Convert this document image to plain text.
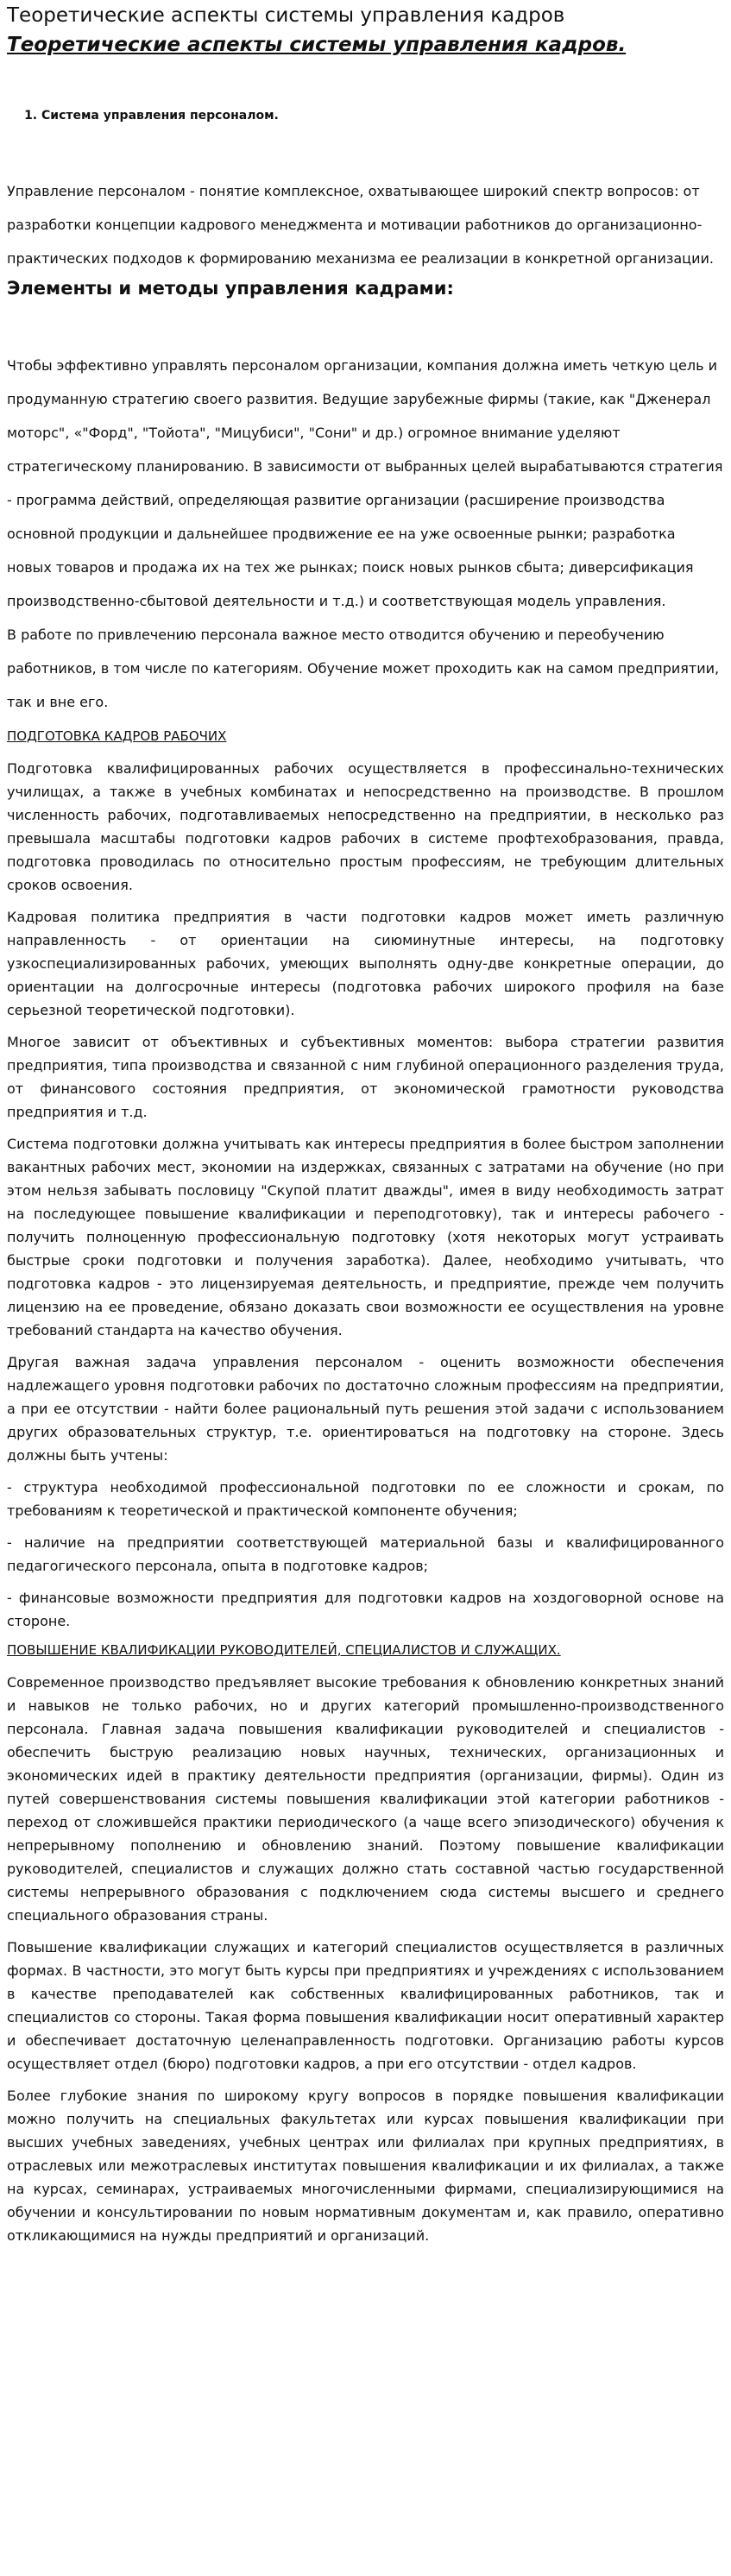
Теоретические аспекты системы управления кадров
Теоретические аспекты системы управления кадров.
1. Система управления персоналом.

Управление персоналом - понятие комплексное, охватывающее широкий спектр вопросов: от разработки концепции кадрового менеджмента и мотивации работников до организационно-практических подходов к формированию механизма ее реализации в конкретной организации.

Элементы и методы управления кадрами:

Чтобы эффективно управлять персоналом организации, компания должна иметь четкую цель и продуманную стратегию своего развития. Ведущие зарубежные фирмы (такие, как "Дженерал моторс", «"Форд", "Тойота", "Мицубиси", "Сони" и др.) огромное внимание уделяют стратегическому планированию. В зависимости от выбранных целей вырабатываются стратегия - программа действий, определяющая развитие организации (расширение производства основной продукции и дальнейшее продвижение ее на уже освоенные рынки; разработка новых товаров и продажа их на тех же рынках; поиск новых рынков сбыта; диверсификация производственно-сбытовой деятельности и т.д.) и соответствующая модель управления.

В работе по привлечению персонала важное место отводится обучению и переобучению работников, в том числе по категориям. Обучение может проходить как на самом предприятии, так и вне его.

ПОДГОТОВКА КАДРОВ РАБОЧИХ

Подготовка квалифицированных рабочих осуществляется в профессинально-технических училищах, а также в учебных комбинатах и непосредственно на производстве. В прошлом численность рабочих, подготавливаемых непосредственно на предприятии, в несколько раз превышала масштабы подготовки кадров рабочих в системе профтехобразования, правда, подготовка проводилась по относительно простым профессиям, не требующим длительных сроков освоения.

Кадровая политика предприятия в части подготовки кадров может иметь различную направленность - от ориентации на сиюминутные интересы, на подготовку узкоспециализированных рабочих, умеющих выполнять одну-две конкретные операции, до ориентации на долгосрочные интересы (подготовка рабочих широкого профиля на базе серьезной теоретической подготовки).

Многое зависит от объективных и субъективных моментов: выбора стратегии развития предприятия, типа производства и связанной с ним глубиной операционного разделения труда, от финансового состояния предприятия, от экономической грамотности руководства предприятия и т.д.

Система подготовки должна учитывать как интересы предприятия в более быстром заполнении вакантных рабочих мест, экономии на издержках, связанных с затратами на обучение (но при этом нельзя забывать пословицу "Скупой платит дважды", имея в виду необходимость затрат на последующее повышение квалификации и переподготовку), так и интересы рабочего - получить полноценную профессиональную подготовку (хотя некоторых могут устраивать быстрые сроки подготовки и получения заработка). Далее, необходимо учитывать, что подготовка кадров - это лицензируемая деятельность, и предприятие, прежде чем получить лицензию на ее проведение, обязано доказать свои возможности ее осуществления на уровне требований стандарта на качество обучения.

Другая важная задача управления персоналом - оценить возможности обеспечения надлежащего уровня подготовки рабочих по достаточно сложным профессиям на предприятии, а при ее отсутствии - найти более рациональный путь решения этой задачи с использованием других образовательных структур, т.е. ориентироваться на подготовку на стороне. Здесь должны быть учтены:

- структура необходимой профессиональной подготовки по ее сложности и срокам, по требованиям к теоретической и практической компоненте обучения;

- наличие на предприятии соответствующей материальной базы и квалифицированного педагогического персонала, опыта в подготовке кадров;

- финансовые возможности предприятия для подготовки кадров на хоздоговорной основе на стороне.

ПОВЫШЕНИЕ КВАЛИФИКАЦИИ РУКОВОДИТЕЛЕЙ, СПЕЦИАЛИСТОВ И СЛУЖАЩИХ.

Современное производство предъявляет высокие требования к обновлению конкретных знаний и навыков не только рабочих, но и других категорий промышленно-производственного персонала. Главная задача повышения квалификации руководителей и специалистов - обеспечить быструю реализацию новых научных, технических, организационных и экономических идей в практику деятельности предприятия (организации, фирмы). Один из путей совершенствования системы повышения квалификации этой категории работников - переход от сложившейся практики периодического (а чаще всего эпизодического) обучения к непрерывному пополнению и обновлению знаний. Поэтому повышение квалификации руководителей, специалистов и служащих должно стать составной частью государственной системы непрерывного образования с подключением сюда системы высшего и среднего специального образования страны.

Повышение квалификации служащих и категорий специалистов осуществляется в различных формах. В частности, это могут быть курсы при предприятиях и учреждениях с использованием в качестве преподавателей как собственных квалифицированных работников, так и специалистов со стороны. Такая форма повышения квалификации носит оперативный характер и обеспечивает достаточную целенаправленность подготовки. Организацию работы курсов осуществляет отдел (бюро) подготовки кадров, а при его отсутствии - отдел кадров.

Более глубокие знания по широкому кругу вопросов в порядке повышения квалификации можно получить на специальных факультетах или курсах повышения квалификации при высших учебных заведениях, учебных центрах или филиалах при крупных предприятиях, в отраслевых или межотраслевых институтах повышения квалификации и их филиалах, а также на курсах, семинарах, устраиваемых многочисленными фирмами, специализирующимися на обучении и консультировании по новым нормативным документам и, как правило, оперативно откликающимися на нужды предприятий и организаций.
